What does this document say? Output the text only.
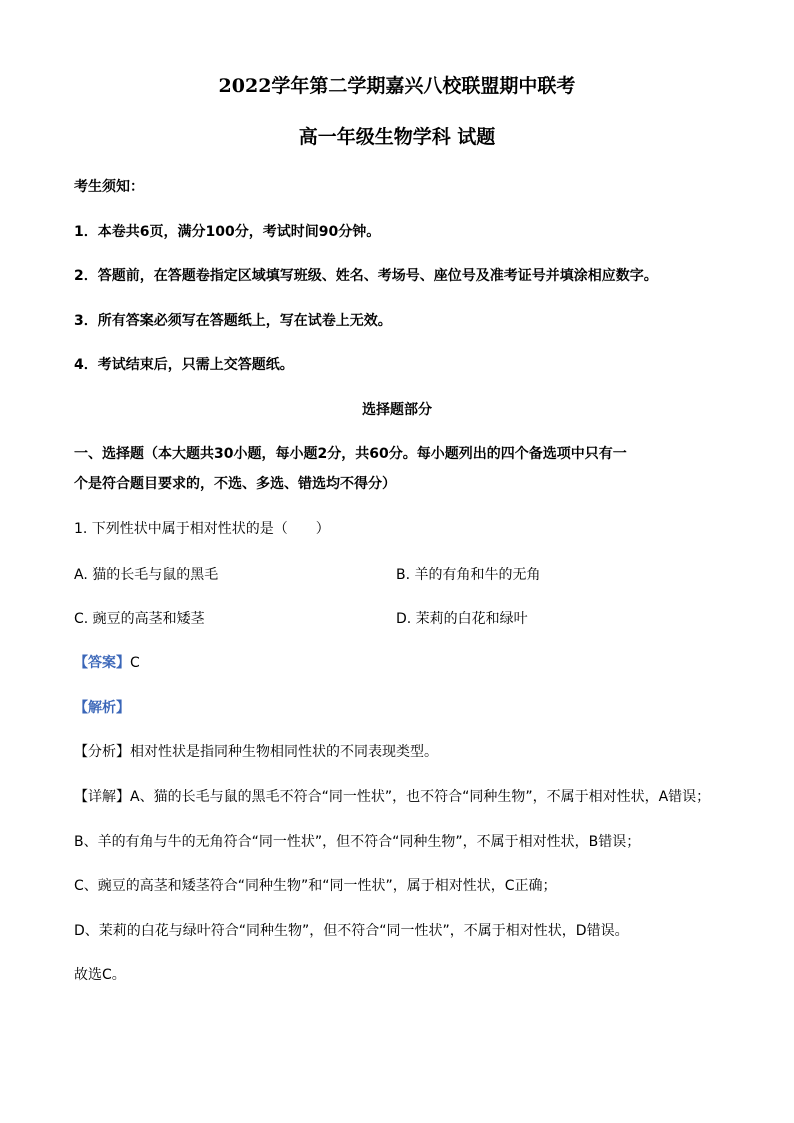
2022学年第二学期嘉兴八校联盟期中联考
高一年级生物学科 试题
考生须知：
1．本卷共6页，满分100分，考试时间90分钟。
2．答题前，在答题卷指定区域填写班级、姓名、考场号、座位号及准考证号并填涂相应数字。
3．所有答案必须写在答题纸上，写在试卷上无效。
4．考试结束后，只需上交答题纸。
选择题部分
一、选择题（本大题共30小题，每小题2分，共60分。每小题列出的四个备选项中只有一
个是符合题目要求的，不选、多选、错选均不得分）
1. 下列性状中属于相对性状的是（　　）
A. 猫的长毛与鼠的黑毛	B. 羊的有角和牛的无角
C. 豌豆的高茎和矮茎	D. 茉莉的白花和绿叶
【答案】C
【解析】
【分析】相对性状是指同种生物相同性状的不同表现类型。
【详解】A、猫的长毛与鼠的黑毛不符合“同一性状”，也不符合“同种生物”，不属于相对性状，A错误；
B、羊的有角与牛的无角符合“同一性状”，但不符合“同种生物”，不属于相对性状，B错误；
C、豌豆的高茎和矮茎符合“同种生物”和“同一性状”，属于相对性状，C正确；
D、茉莉的白花与绿叶符合“同种生物”，但不符合“同一性状”，不属于相对性状，D错误。
故选C。
